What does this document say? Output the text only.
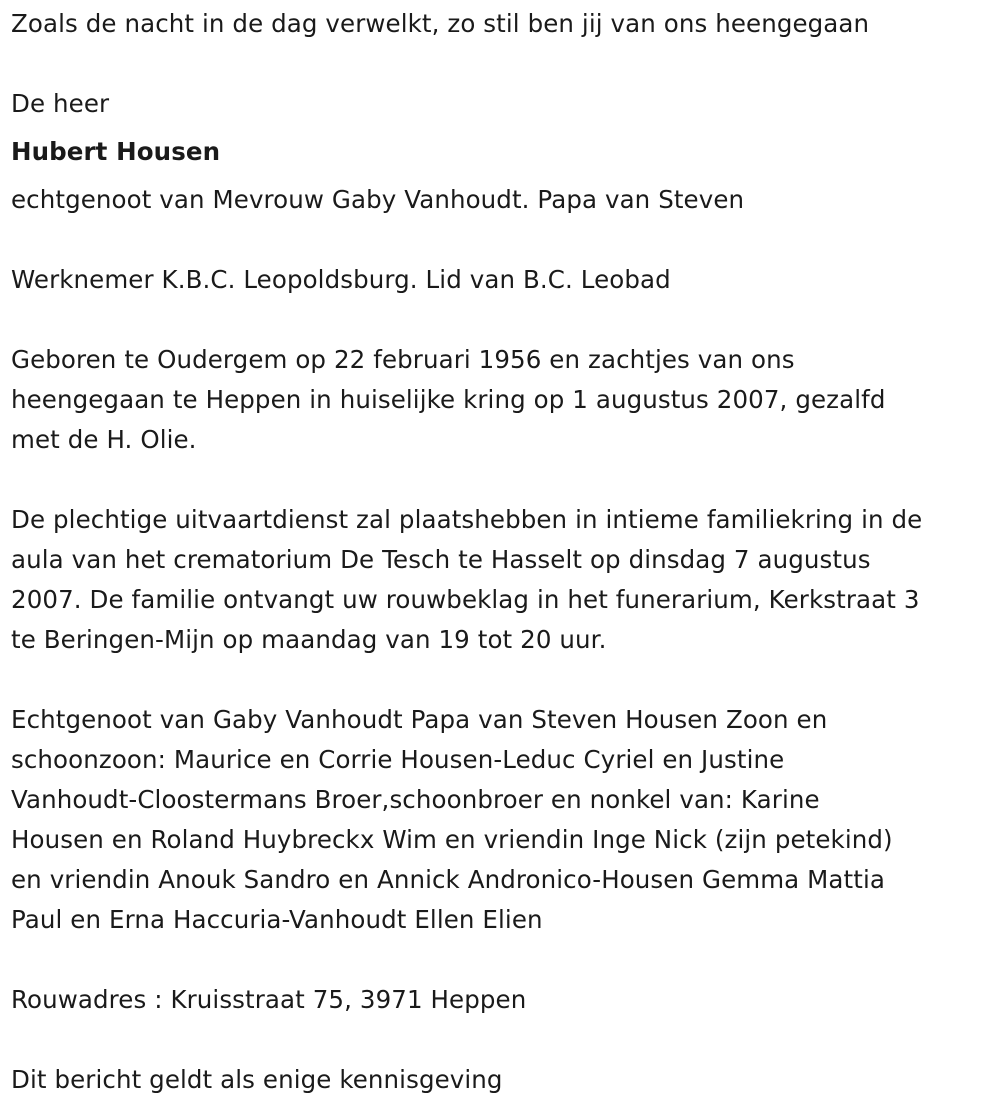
Zoals de nacht in de dag verwelkt, zo stil ben jij van ons heengegaan

De heer

Hubert Housen

echtgenoot van Mevrouw Gaby Vanhoudt. Papa van Steven

Werknemer K.B.C. Leopoldsburg. Lid van B.C. Leobad

Geboren te Oudergem op 22 februari 1956 en zachtjes van ons

heengegaan te Heppen in huiselijke kring op 1 augustus 2007, gezalfd

met de H. Olie.

De plechtige uitvaartdienst zal plaatshebben in intieme familiekring in de

aula van het crematorium De Tesch te Hasselt op dinsdag 7 augustus

2007. De familie ontvangt uw rouwbeklag in het funerarium, Kerkstraat 3

te Beringen-Mijn op maandag van 19 tot 20 uur.

Echtgenoot van Gaby Vanhoudt Papa van Steven Housen Zoon en

schoonzoon: Maurice en Corrie Housen-Leduc Cyriel en Justine

Vanhoudt-Cloostermans Broer,schoonbroer en nonkel van: Karine

Housen en Roland Huybreckx Wim en vriendin Inge Nick (zijn petekind)

en vriendin Anouk Sandro en Annick Andronico-Housen Gemma Mattia

Paul en Erna Haccuria-Vanhoudt Ellen Elien

Rouwadres : Kruisstraat 75, 3971 Heppen

Dit bericht geldt als enige kennisgeving
